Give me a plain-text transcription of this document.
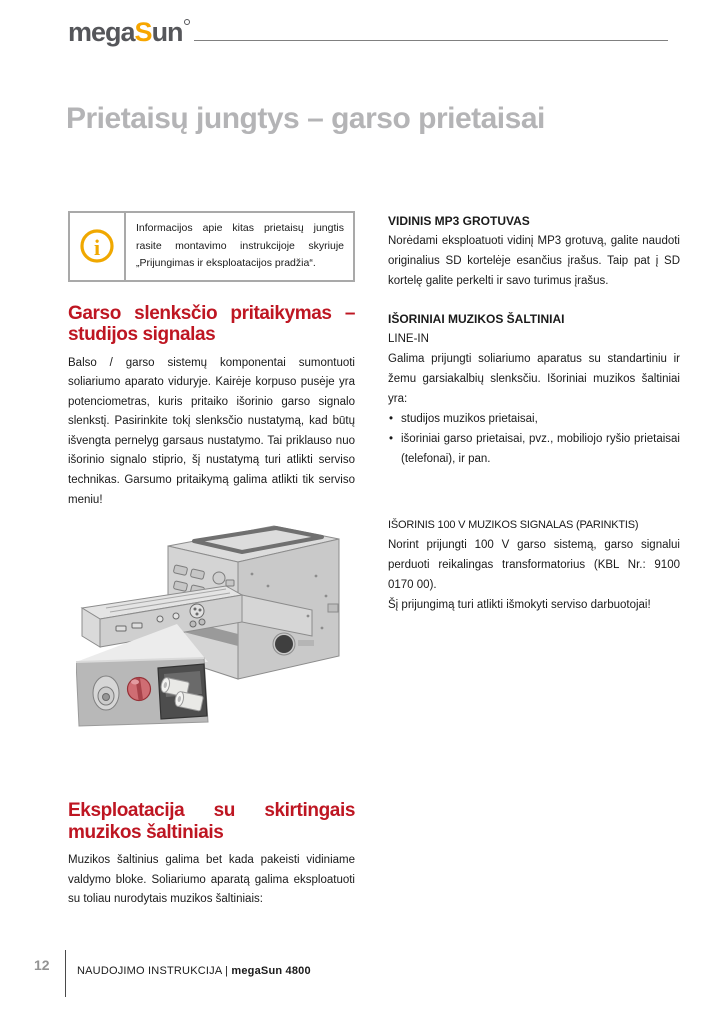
megaSun
Prietaisų jungtys – garso prietaisai
i
Informacijos apie kitas prietaisų jungtis rasite montavimo instrukcijoje skyriuje „Prijungimas ir eksploatacijos pradžia“.
Garso slenksčio pritaikymas –
studijos signalas

Balso / garso sistemų komponentai sumontuoti soliariumo aparato viduryje. Kairėje korpuso pusėje yra potenciometras, kuris pritaiko išorinio garso signalo slenkstį. Pasirinkite tokį slenksčio nustatymą, kad būtų išvengta pernelyg garsaus nustatymo. Tai priklauso nuo išorinio signalo stiprio, šį nustatymą turi atlikti serviso technikas. Garsumo pritaikymą galima atlikti tik serviso meniu!

Eksploatacija su skirtingais
muzikos šaltiniais

Muzikos šaltinius galima bet kada pakeisti vidiniame valdymo bloke. Soliariumo aparatą galima eksploatuoti su toliau nurodytais muzikos šaltiniais:

VIDINIS MP3 GROTUVAS

Norėdami eksploatuoti vidinį MP3 grotuvą, galite naudoti originalius SD kortelėje esančius įrašus. Taip pat į SD kortelę galite perkelti ir savo turimus įrašus.

IŠORINIAI MUZIKOS ŠALTINIAI
LINE-IN

Galima prijungti soliariumo aparatus su standartiniu ir žemu garsiakalbių slenksčiu. Išoriniai muzikos šaltiniai yra:

• studijos muzikos prietaisai,
• išoriniai garso prietaisai, pvz., mobiliojo ryšio prietaisai (telefonai), ir pan.
IŠORINIS 100 V MUZIKOS SIGNALAS (PARINKTIS)

Norint prijungti 100 V garso sistemą, garso signalui perduoti reikalingas transformatorius (KBL Nr.: 9100 0170 00).

Šį prijungimą turi atlikti išmokyti serviso darbuotojai!

12	NAUDOJIMO INSTRUKCIJA | megaSun 4800
